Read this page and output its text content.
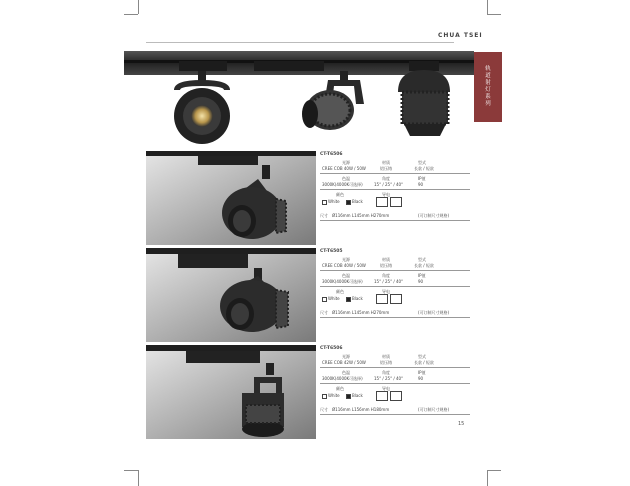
CHUA TSEI
轨道射灯系列
CT-T6506
光源	材质	型式
CREE COB 40W / 50W	铝压铸	长款 / 短款
色温	角度	IP值
3000K(4000K可选择)	15° / 25° / 40°	90
颜色	导电
White	Black
尺寸 Ø116mm L145mm H270mm	(可订制尺寸规格)
CT-T6505
光源	材质	型式
CREE COB 40W / 50W	铝压铸	长款 / 短款
色温	角度	IP值
3000K(4000K可选择)	15° / 25° / 40°	90
颜色	导电
White	Black
尺寸 Ø116mm L145mm H270mm	(可订制尺寸规格)
CT-T6506
光源	材质	型式
CREE COB 42W / 50W	铝压铸	长款 / 短款
色温	角度	IP值
3000K(4000K可选择)	15° / 25° / 40°	90
颜色	导电
White	Black
尺寸 Ø116mm L156mm H180mm	(可订制尺寸规格)
15
